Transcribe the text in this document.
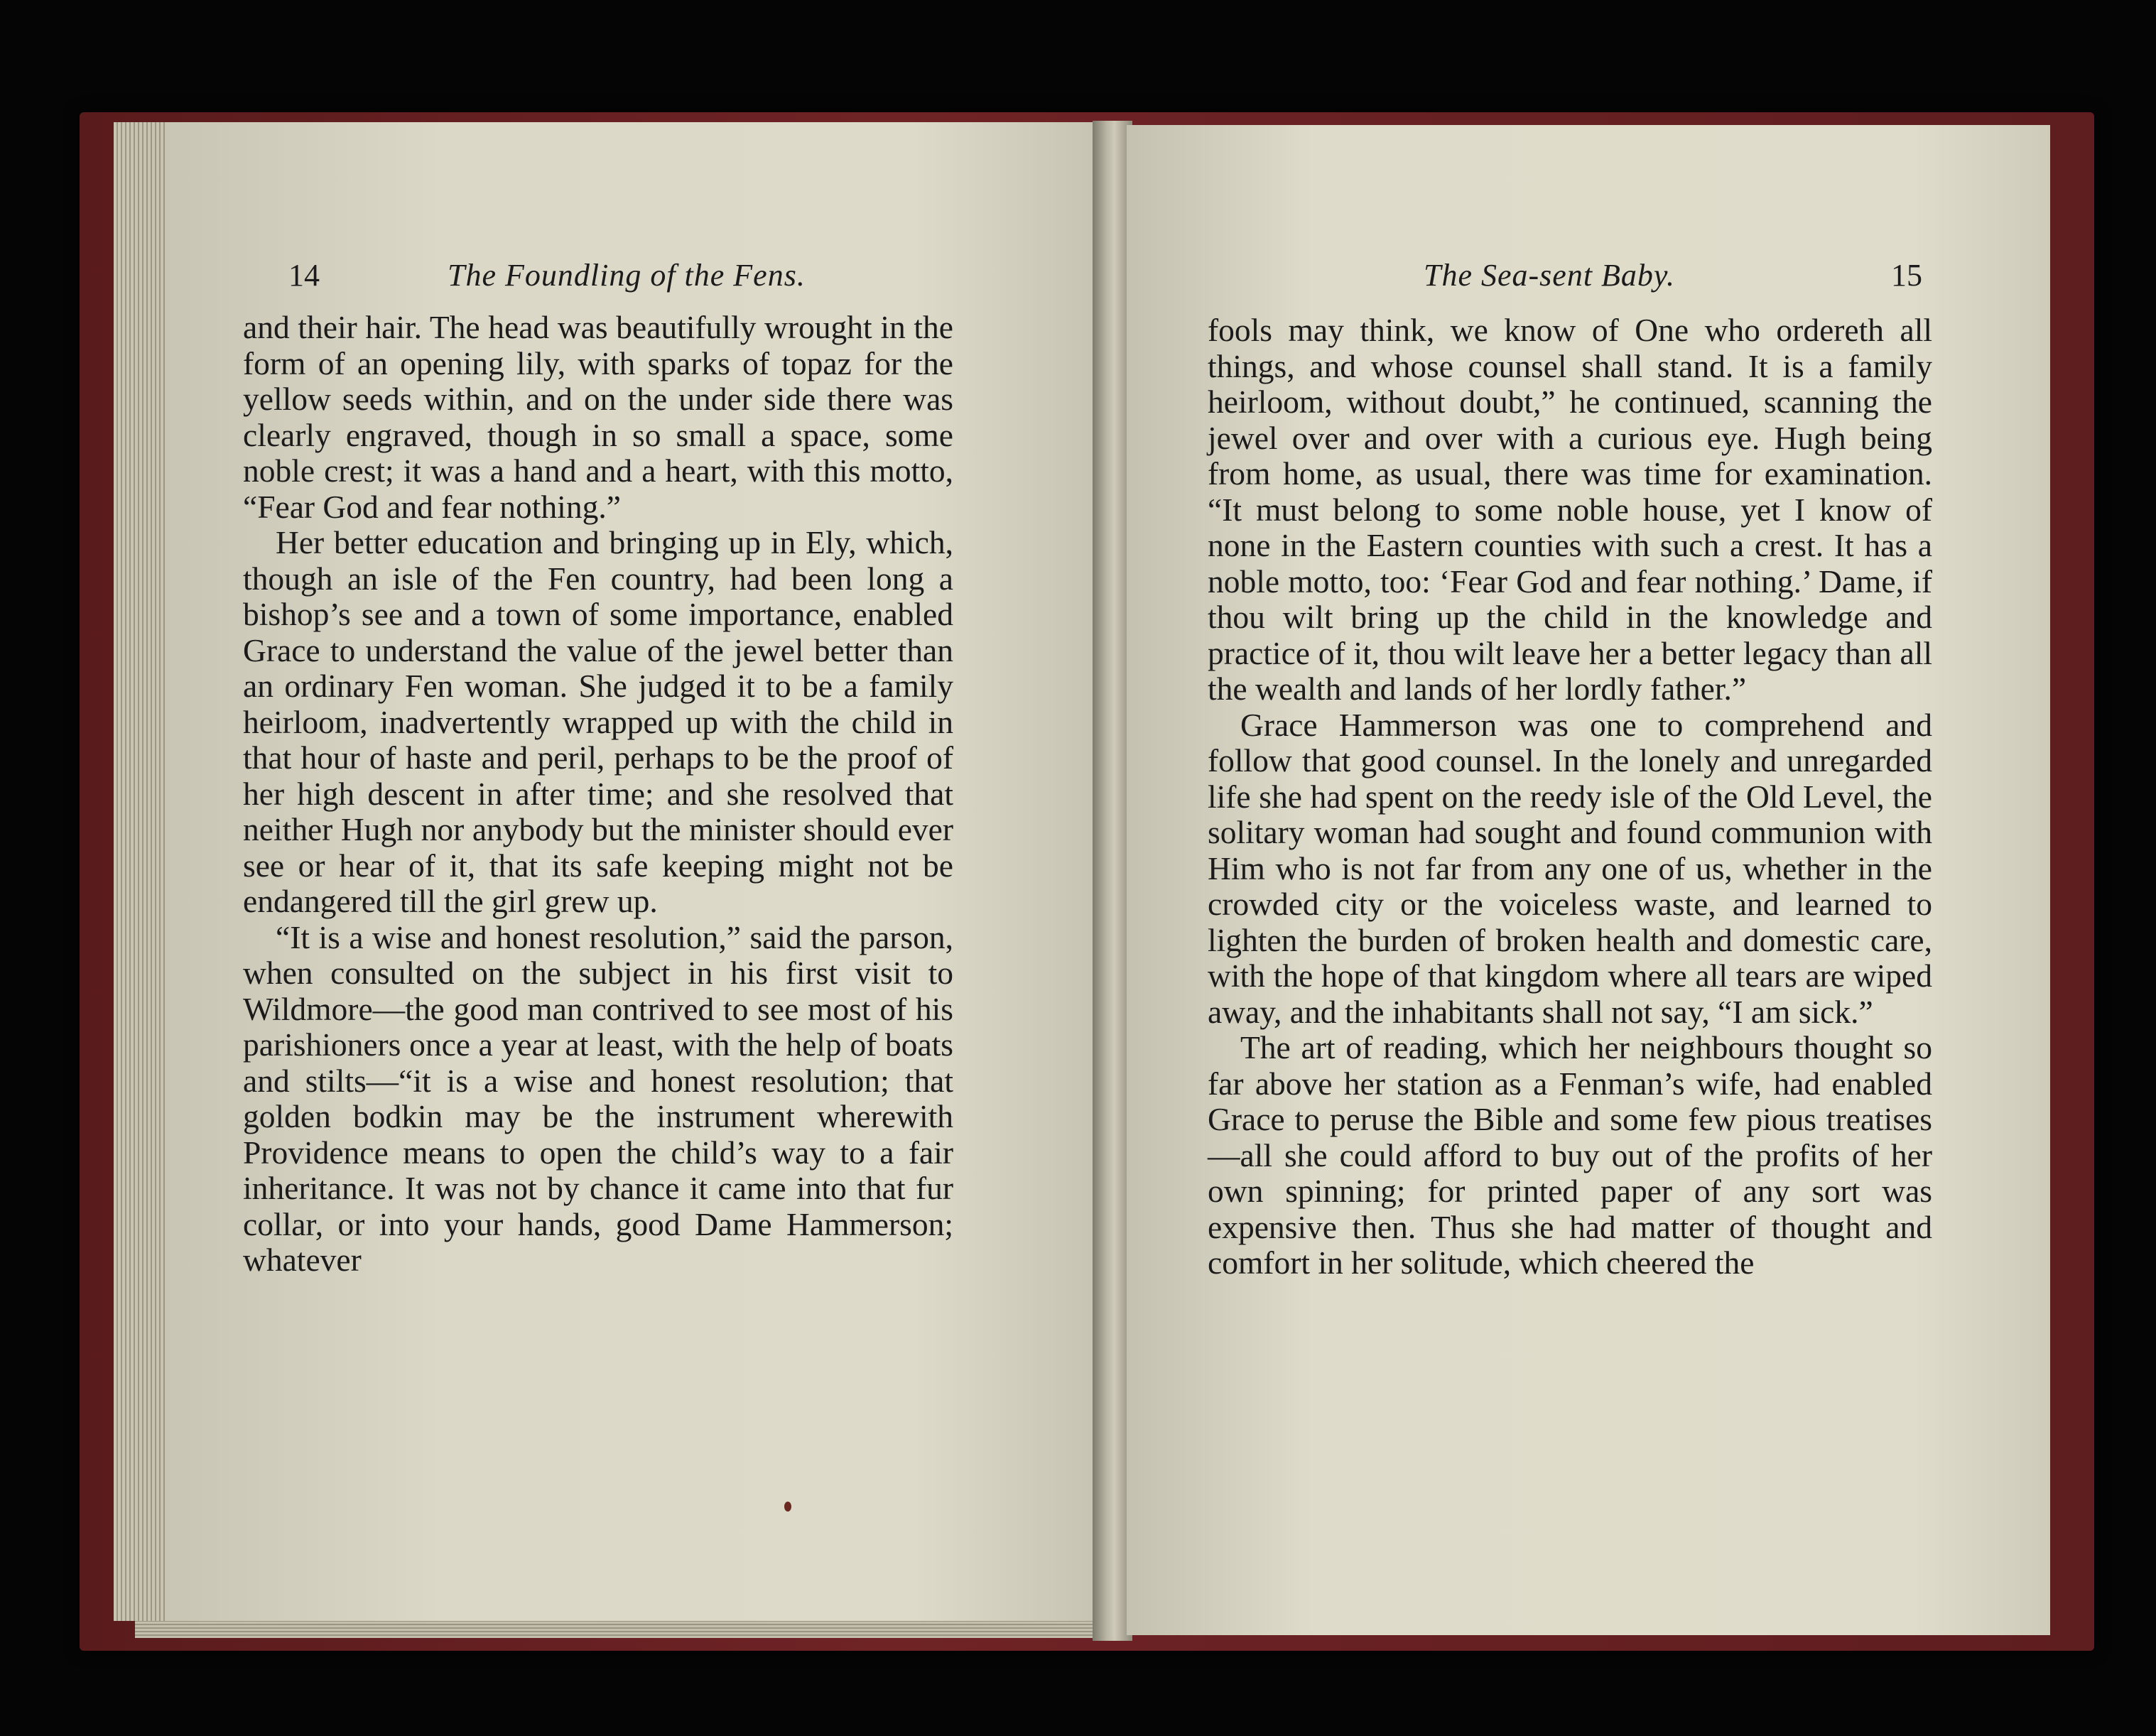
14	The Foundling of the Fens.

and their hair. The head was beautifully wrought in the form of an opening lily, with sparks of topaz for the yellow seeds within, and on the under side there was clearly engraved, though in so small a space, some noble crest; it was a hand and a heart, with this motto, “Fear God and fear nothing.”

Her better education and bringing up in Ely, which, though an isle of the Fen country, had been long a bishop’s see and a town of some importance, enabled Grace to understand the value of the jewel better than an ordinary Fen woman. She judged it to be a family heirloom, inadvertently wrapped up with the child in that hour of haste and peril, perhaps to be the proof of her high descent in after time; and she resolved that neither Hugh nor anybody but the minister should ever see or hear of it, that its safe keeping might not be endangered till the girl grew up.

“It is a wise and honest resolution,” said the parson, when consulted on the subject in his first visit to Wildmore—the good man contrived to see most of his parishioners once a year at least, with the help of boats and stilts—“it is a wise and honest resolution; that golden bodkin may be the instrument wherewith Providence means to open the child’s way to a fair inheritance. It was not by chance it came into that fur collar, or into your hands, good Dame Hammerson; whatever

The Sea-sent Baby.	15

fools may think, we know of One who ordereth all things, and whose counsel shall stand. It is a family heirloom, without doubt,” he continued, scanning the jewel over and over with a curious eye. Hugh being from home, as usual, there was time for examination. “It must belong to some noble house, yet I know of none in the Eastern counties with such a crest. It has a noble motto, too: ‘Fear God and fear nothing.’ Dame, if thou wilt bring up the child in the knowledge and practice of it, thou wilt leave her a better legacy than all the wealth and lands of her lordly father.”

Grace Hammerson was one to comprehend and follow that good counsel. In the lonely and unregarded life she had spent on the reedy isle of the Old Level, the solitary woman had sought and found communion with Him who is not far from any one of us, whether in the crowded city or the voiceless waste, and learned to lighten the burden of broken health and domestic care, with the hope of that kingdom where all tears are wiped away, and the inhabitants shall not say, “I am sick.”

The art of reading, which her neighbours thought so far above her station as a Fenman’s wife, had enabled Grace to peruse the Bible and some few pious treatises—all she could afford to buy out of the profits of her own spinning; for printed paper of any sort was expensive then. Thus she had matter of thought and comfort in her solitude, which cheered the
